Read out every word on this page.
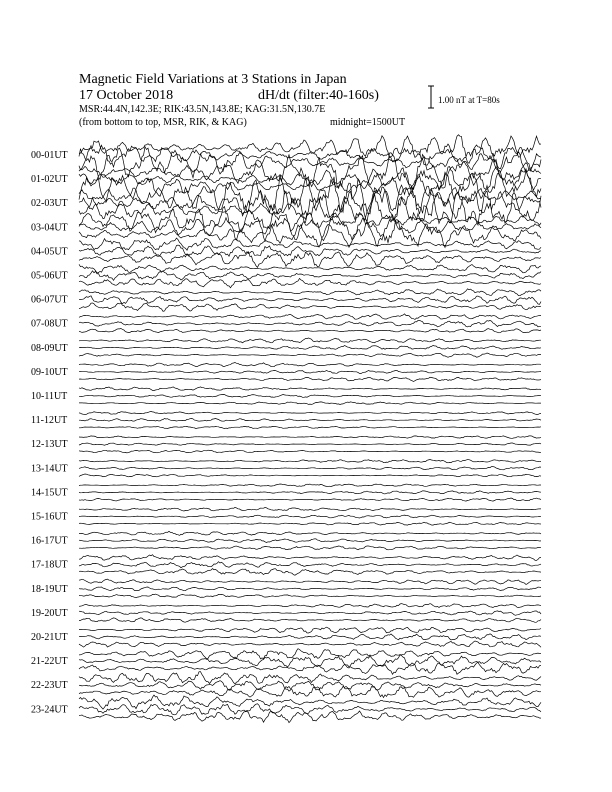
Magnetic Field Variations at 3 Stations in Japan
17 October 2018	dH/dt (filter:40-160s)
MSR:44.4N,142.3E; RIK:43.5N,143.8E; KAG:31.5N,130.7E
(from bottom to top, MSR, RIK, & KAG)	midnight=1500UT
1.00 nT at T=80s
00-01UT
01-02UT
02-03UT
03-04UT
04-05UT
05-06UT
06-07UT
07-08UT
08-09UT
09-10UT
10-11UT
11-12UT
12-13UT
13-14UT
14-15UT
15-16UT
16-17UT
17-18UT
18-19UT
19-20UT
20-21UT
21-22UT
22-23UT
23-24UT
